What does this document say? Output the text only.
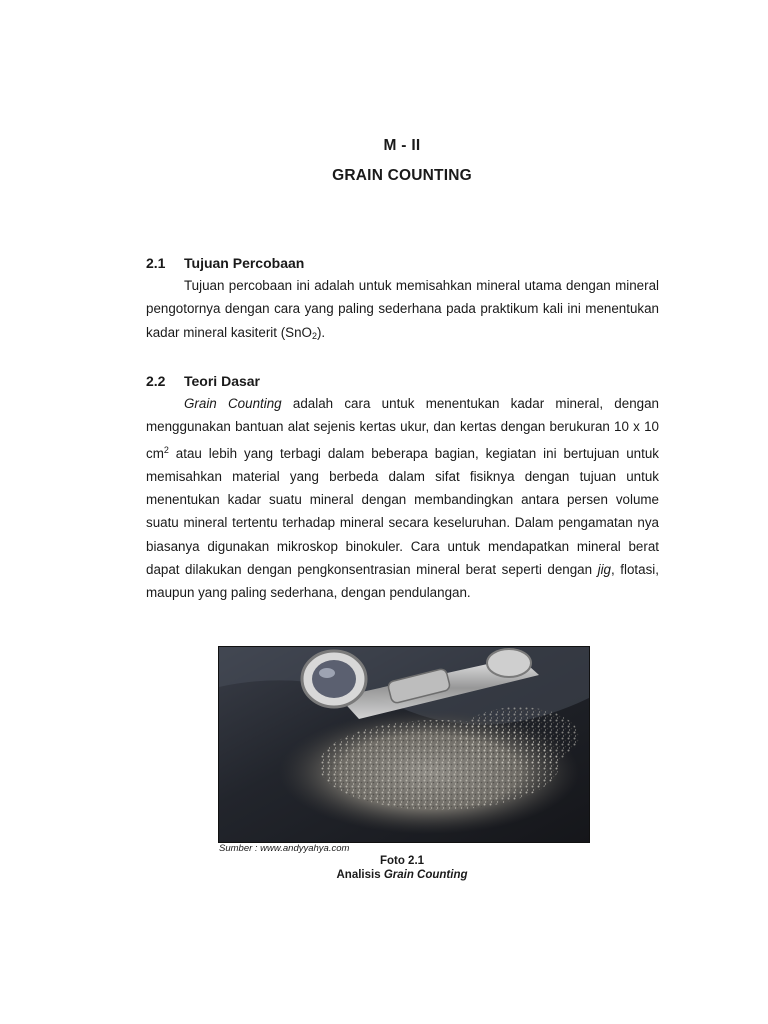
M - II
GRAIN COUNTING
2.1 Tujuan Percobaan

Tujuan percobaan ini adalah untuk memisahkan mineral utama dengan mineral pengotornya dengan cara yang paling sederhana pada praktikum kali ini menentukan kadar mineral kasiterit (SnO$_2$).

2.2 Teori Dasar

Grain Counting adalah cara untuk menentukan kadar mineral, dengan menggunakan bantuan alat sejenis kertas ukur, dan kertas dengan berukuran 10 x 10 $cm^2$ atau lebih yang terbagi dalam beberapa bagian, kegiatan ini bertujuan untuk memisahkan material yang berbeda dalam sifat fisiknya dengan tujuan untuk menentukan kadar suatu mineral dengan membandingkan antara persen volume suatu mineral tertentu terhadap mineral secara keseluruhan. Dalam pengamatan nya biasanya digunakan mikroskop binokuler. Cara untuk mendapatkan mineral berat dapat dilakukan dengan pengkonsentrasian mineral berat seperti dengan jig, flotasi, maupun yang paling sederhana, dengan pendulangan.

Sumber : www.andyyahya.com
Foto 2.1
Analisis Grain Counting
